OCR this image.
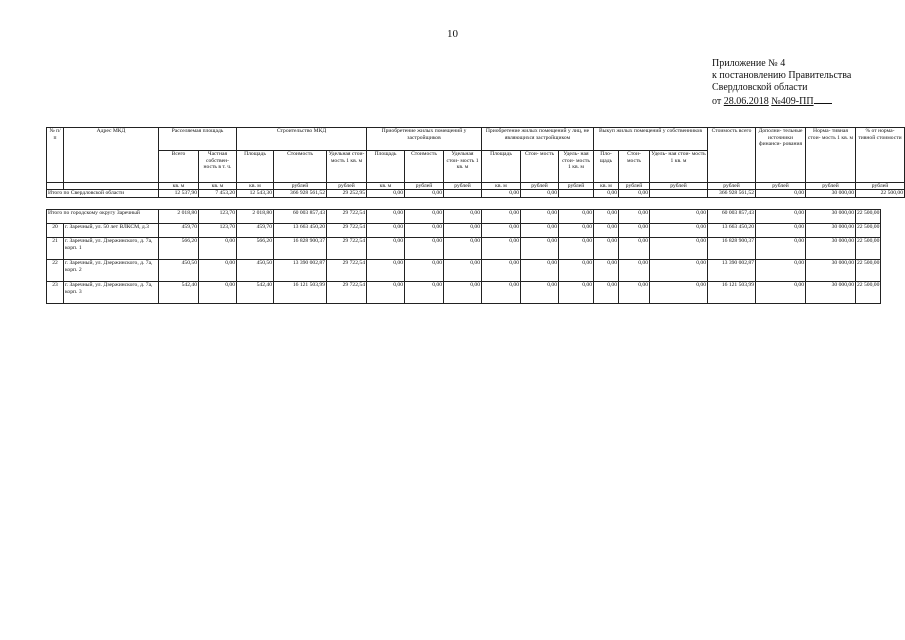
10
Приложение № 4
к постановлению Правительства
Свердловской области
от 28.06.2018 №409-ПП
№ п/п	Адрес МКД	Расселяемая площадь		Строительство МКД			Приобретение жилых помещений у застройщиков			Приобретение жилых помещений у лиц, не являющихся застройщиком			Выкуп жилых помещений у собственников			Стоимость всего	Дополни- тельные источники финанси- рования	Норма- тивная стои- мость 1 кв. м	% от норма- тивной стоимости
		Всего	Частная собствен- ность в т. ч.	Площадь	Стоимость	Удельная стои- мость 1 кв. м	Площадь	Стоимость	Удельная стои- мость 1 кв. м	Площадь	Стои- мость	Удель- ная стои- мость 1 кв. м	Пло- щадь	Стои- мость	Удель- ная стои- мость 1 кв. м				
		кв. м	кв. м	кв. м	рублей	рублей	кв. м	рублей	рублей	кв. м	рублей	рублей	кв. м	рублей	рублей	рублей	рублей	рублей	рублей
Итого по Свердловской области		12 537,90	7 453,20	12 543,30	366 928 561,52	29 252,95	0,00	0,00		0,00	0,00		0,00	0,00		366 928 561,52	0,00	30 000,00	22 500,00
Итого по городскому округу Заречный		2 018,80	123,70	2 018,80	60 003 857,43	29 722,54	0,00	0,00	0,00	0,00	0,00	0,00	0,00	0,00	0,00	60 003 857,43	0,00	30 000,00	22 500,00
20	г. Заречный, ул. 50 лет ВЛКСМ, д.3	459,70	123,70	459,70	13 663 450,20	29 722,54	0,00	0,00	0,00	0,00	0,00	0,00	0,00	0,00	0,00	13 663 450,20	0,00	30 000,00	22 500,00
21	г. Заречный, ул. Дзержинского, д. 7а, корп. 1	566,20	0,00	566,20	16 828 900,37	29 722,54	0,00	0,00	0,00	0,00	0,00	0,00	0,00	0,00	0,00	16 828 900,37	0,00	30 000,00	22 500,00
22	г. Заречный, ул. Дзержинского, д. 7а, корп. 2	450,50	0,00	450,50	13 390 002,87	29 722,54	0,00	0,00	0,00	0,00	0,00	0,00	0,00	0,00	0,00	13 390 002,87	0,00	30 000,00	22 500,00
23	г. Заречный, ул. Дзержинского, д. 7а, корп. 3	542,40	0,00	542,40	16 121 503,99	29 722,54	0,00	0,00	0,00	0,00	0,00	0,00	0,00	0,00	0,00	16 121 503,99	0,00	30 000,00	22 500,00
